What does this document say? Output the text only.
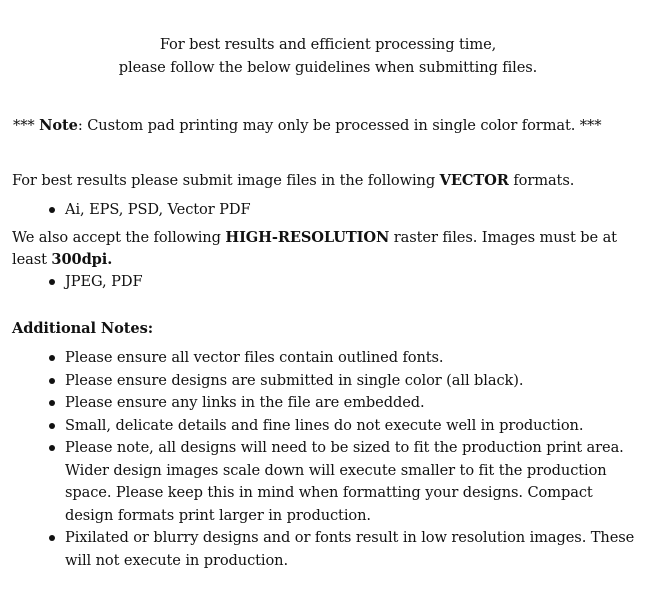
For best results and efficient processing time,
please follow the below guidelines when submitting files.
*** Note: Custom pad printing may only be processed in single color format. ***
For best results please submit image files in the following VECTOR formats.
Ai, EPS, PSD, Vector PDF
We also accept the following HIGH-RESOLUTION raster files. Images must be at least 300dpi.
JPEG, PDF
Additional Notes:
Please ensure all vector files contain outlined fonts.
Please ensure designs are submitted in single color (all black).
Please ensure any links in the file are embedded.
Small, delicate details and fine lines do not execute well in production.
Please note, all designs will need to be sized to fit the production print area. Wider design images scale down will execute smaller to fit the production space. Please keep this in mind when formatting your designs. Compact design formats print larger in production.
Pixilated or blurry designs and or fonts result in low resolution images. These will not execute in production.
